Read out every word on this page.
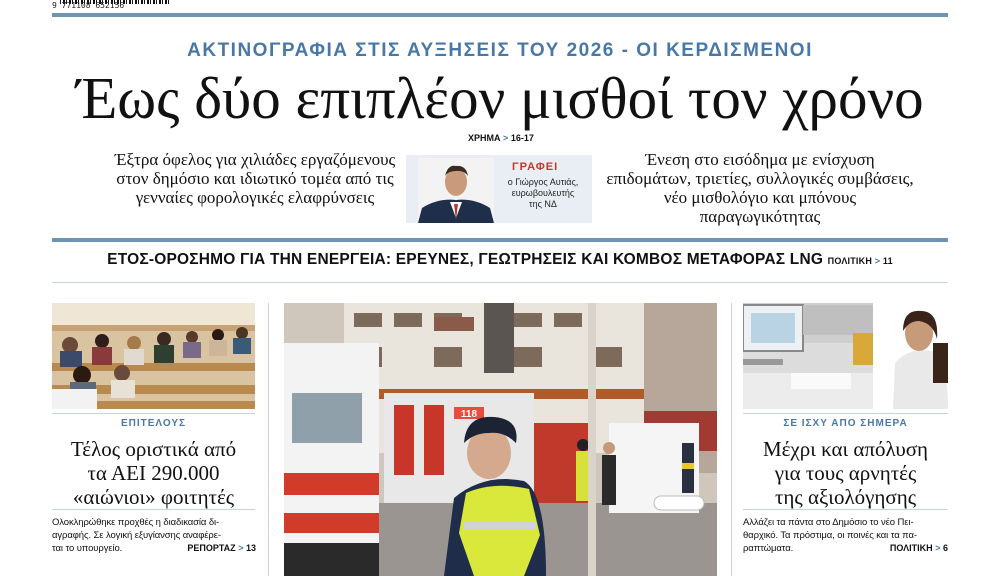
9 771108 652156
ΑΚΤΙΝΟΓΡΑΦΙΑ ΣΤΙΣ ΑΥΞΗΣΕΙΣ ΤΟΥ 2026 - ΟΙ ΚΕΡΔΙΣΜΕΝΟΙ
Έως δύο επιπλέον μισθοί τον χρόνο
ΧΡΗΜΑ > 16-17
Έξτρα όφελος για χιλιάδες εργαζόμενους στον δημόσιο και ιδιωτικό τομέα από τις γενναίες φορολογικές ελαφρύνσεις
Ένεση στο εισόδημα με ενίσχυση επιδομάτων, τριετίες, συλλογικές συμβάσεις, νέο μισθολόγιο και μπόνους παραγωγικότητας
ΓΡΑΦΕΙ
ο Γιώργος Αυτιάς,
ευρωβουλευτής
της ΝΔ
ΕΤΟΣ-ΟΡΟΣΗΜΟ ΓΙΑ ΤΗΝ ΕΝΕΡΓΕΙΑ: ΕΡΕΥΝΕΣ, ΓΕΩΤΡΗΣΕΙΣ ΚΑΙ ΚΟΜΒΟΣ ΜΕΤΑΦΟΡΑΣ LNG ΠΟΛΙΤΙΚΗ > 11
ΕΠΙΤΕΛΟΥΣ
Τέλος οριστικά από
τα ΑΕΙ 290.000
«αιώνιοι» φοιτητές
Ολοκληρώθηκε προχθές η διαδικασία δι-
αγραφής. Σε λογική εξυγίανσης αναφέρε-
ται το υπουργείο.	ΡΕΠΟΡΤΑΖ > 13
118
ΣΕ ΙΣΧΥ ΑΠΟ ΣΗΜΕΡΑ
Μέχρι και απόλυση
για τους αρνητές
της αξιολόγησης
Αλλάζει τα πάντα στο Δημόσιο το νέο Πει-
θαρχικό. Τα πρόστιμα, οι ποινές και τα πα-
ραπτώματα.	ΠΟΛΙΤΙΚΗ > 6
